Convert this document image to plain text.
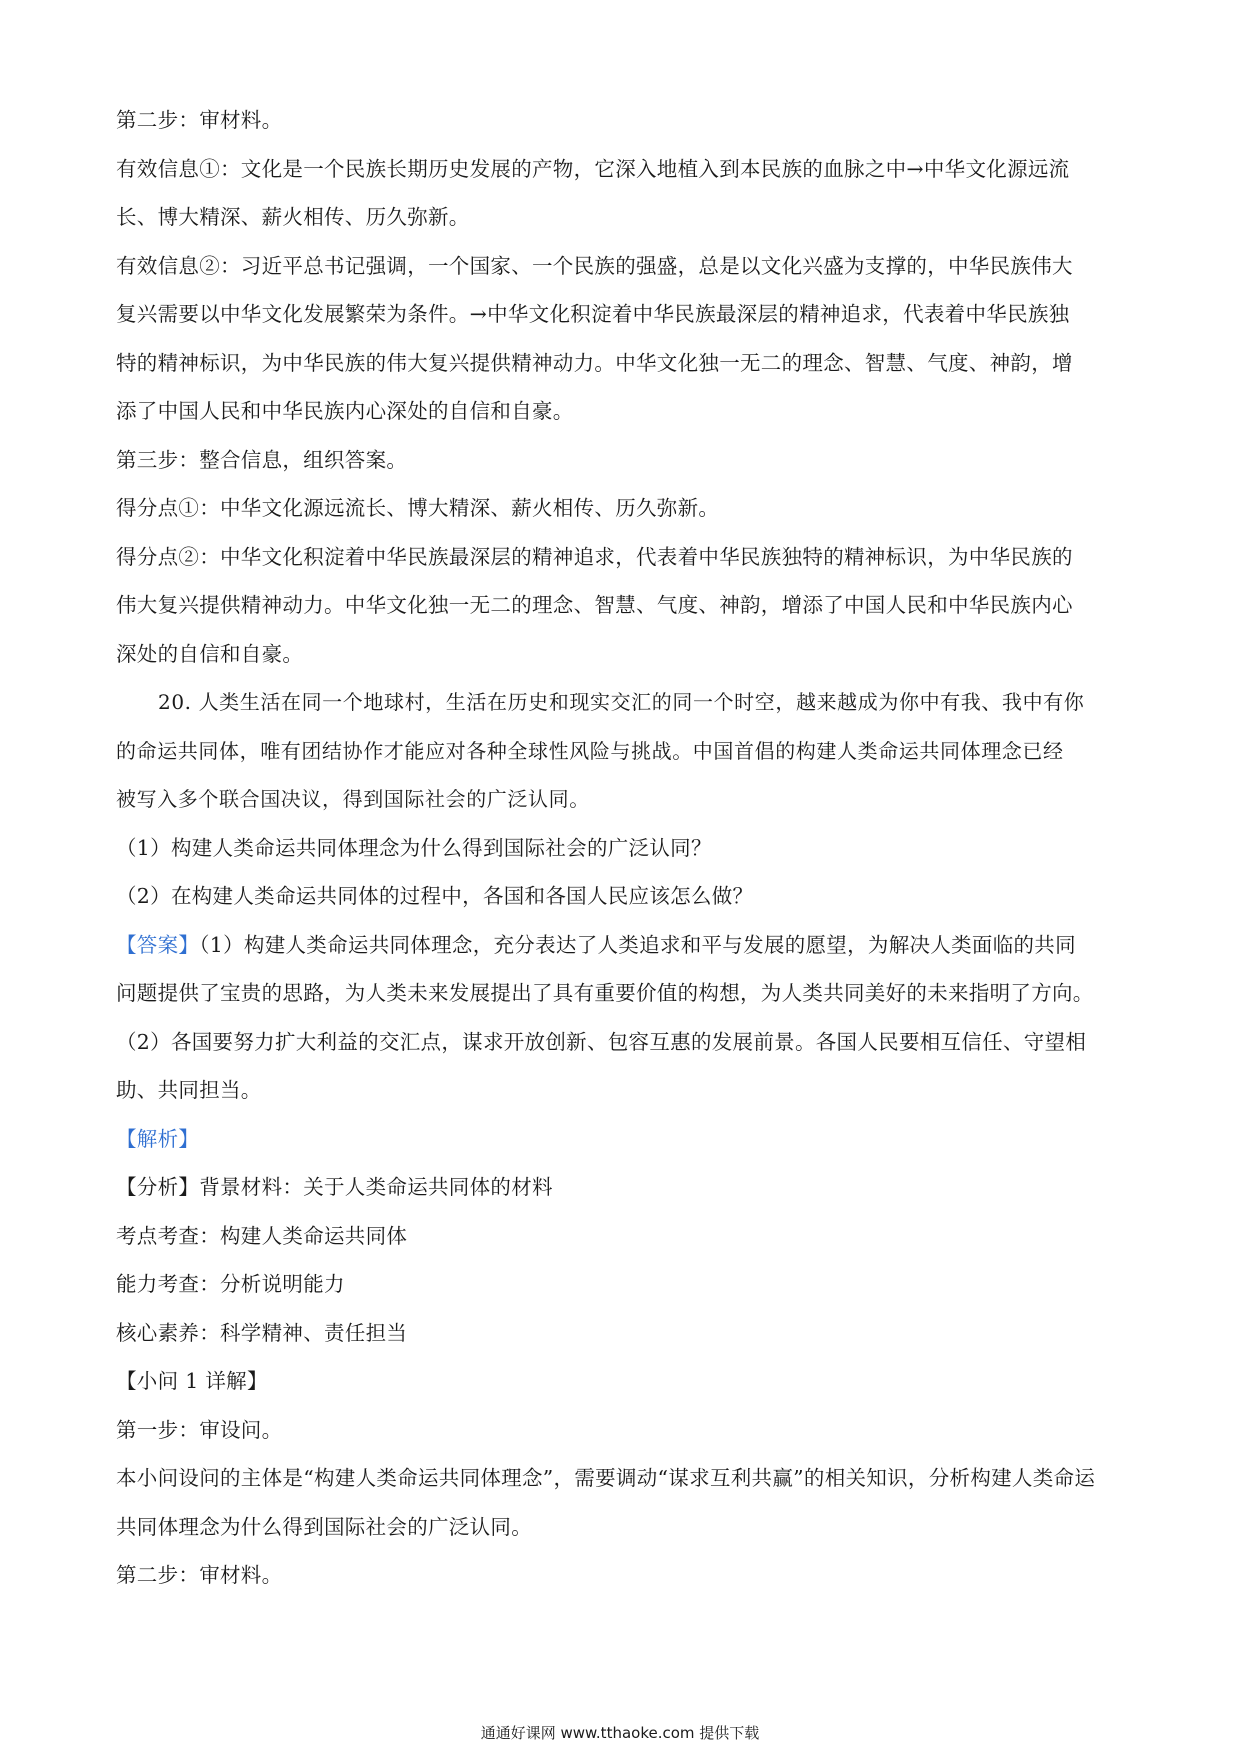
第二步：审材料。
有效信息①：文化是一个民族长期历史发展的产物，它深入地植入到本民族的血脉之中→中华文化源远流
长、博大精深、薪火相传、历久弥新。
有效信息②：习近平总书记强调，一个国家、一个民族的强盛，总是以文化兴盛为支撑的，中华民族伟大
复兴需要以中华文化发展繁荣为条件。→中华文化积淀着中华民族最深层的精神追求，代表着中华民族独
特的精神标识，为中华民族的伟大复兴提供精神动力。中华文化独一无二的理念、智慧、气度、神韵，增
添了中国人民和中华民族内心深处的自信和自豪。
第三步：整合信息，组织答案。
得分点①：中华文化源远流长、博大精深、薪火相传、历久弥新。
得分点②：中华文化积淀着中华民族最深层的精神追求，代表着中华民族独特的精神标识，为中华民族的
伟大复兴提供精神动力。中华文化独一无二的理念、智慧、气度、神韵，增添了中国人民和中华民族内心
深处的自信和自豪。
20. 人类生活在同一个地球村，生活在历史和现实交汇的同一个时空，越来越成为你中有我、我中有你
的命运共同体，唯有团结协作才能应对各种全球性风险与挑战。中国首倡的构建人类命运共同体理念已经
被写入多个联合国决议，得到国际社会的广泛认同。
（1）构建人类命运共同体理念为什么得到国际社会的广泛认同？
（2）在构建人类命运共同体的过程中，各国和各国人民应该怎么做？
【答案】（1）构建人类命运共同体理念，充分表达了人类追求和平与发展的愿望，为解决人类面临的共同
问题提供了宝贵的思路，为人类未来发展提出了具有重要价值的构想，为人类共同美好的未来指明了方向。
（2）各国要努力扩大利益的交汇点，谋求开放创新、包容互惠的发展前景。各国人民要相互信任、守望相
助、共同担当。
【解析】
【分析】背景材料：关于人类命运共同体的材料
考点考查：构建人类命运共同体
能力考查：分析说明能力
核心素养：科学精神、责任担当
【小问 1 详解】
第一步：审设问。
本小问设问的主体是“构建人类命运共同体理念”，需要调动“谋求互利共赢”的相关知识，分析构建人类命运
共同体理念为什么得到国际社会的广泛认同。
第二步：审材料。
通通好课网 www.tthaoke.com 提供下载
